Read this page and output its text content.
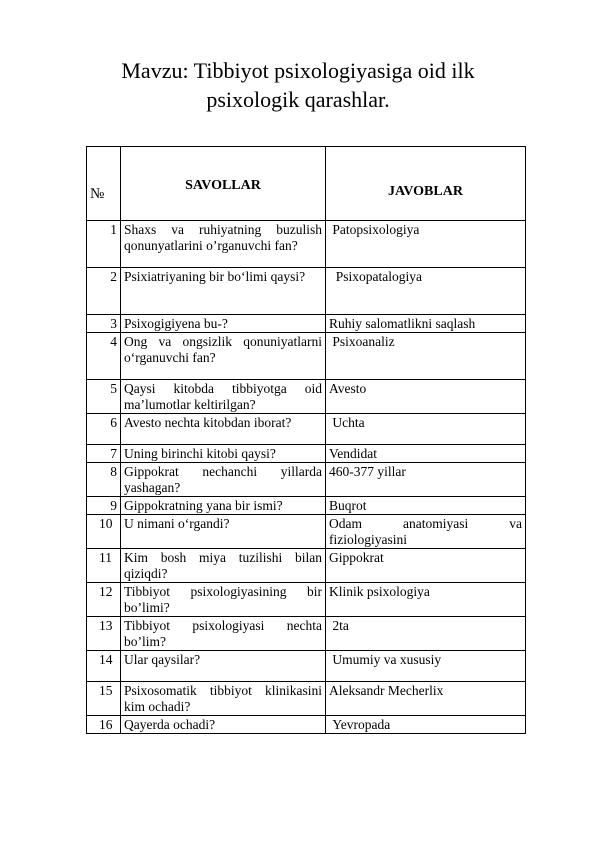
Mavzu: Tibbiyot psixologiyasiga oid ilk psixologik qarashlar.
№	SAVOLLAR	JAVOBLAR

1	Shaxs va ruhiyatning buzulish qonunyatlarini o’rganuvchi fan?	Patopsixologiya
2	Psixiatriyaning bir bo‘limi qaysi?	Psixopatalogiya
3	Psixogigiyena bu-?	Ruhiy salomatlikni saqlash
4	Ong va ongsizlik qonuniyatlarni o‘rganuvchi fan?	Psixoanaliz
5	Qaysi kitobda tibbiyotga oid ma’lumotlar keltirilgan?	Avesto
6	Avesto nechta kitobdan iborat?	Uchta
7	Uning birinchi kitobi qaysi?	Vendidat
8	Gippokrat nechanchi yillarda yashagan?	460-377 yillar
9	Gippokratning yana bir ismi?	Buqrot
10	U nimani o‘rgandi?	Odam anatomiyasi va fiziologiyasini
11	Kim bosh miya tuzilishi bilan qiziqdi?	Gippokrat
12	Tibbiyot psixologiyasining bir bo’limi?	Klinik psixologiya
13	Tibbiyot psixologiyasi nechta bo’lim?	2ta
14	Ular qaysilar?	Umumiy va xususiy
15	Psixosomatik tibbiyot klinikasini kim ochadi?	Aleksandr Mecherlix
16	Qayerda ochadi?	Yevropada
